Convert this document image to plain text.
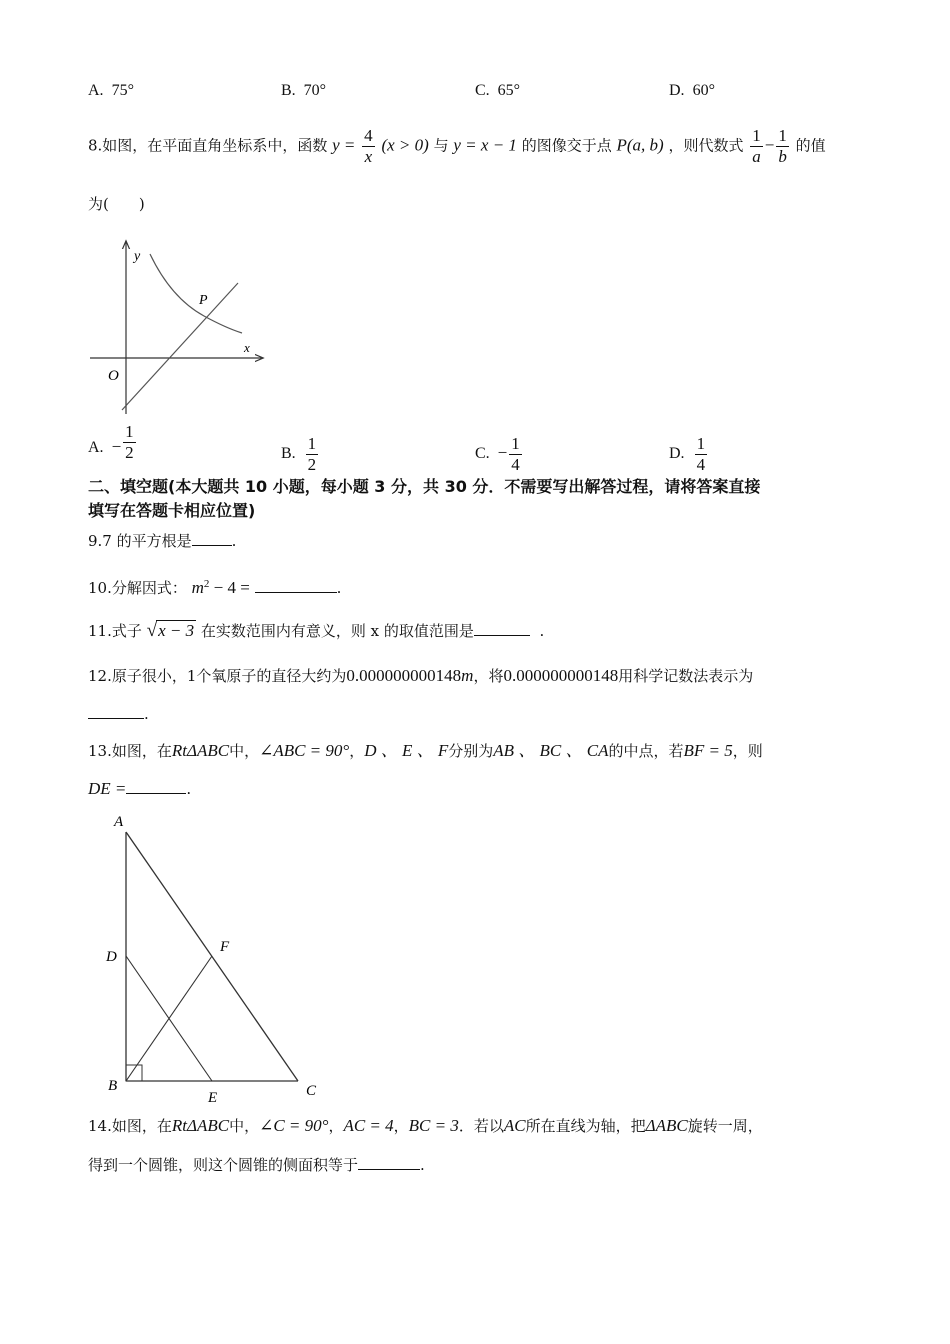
A. 75°	B. 70°	C. 65°	D. 60°
8.如图，在平面直角坐标系中，函数 $y = \frac{4}{x} (x > 0)$ 与 y = x − 1 的图像交于点 P(a, b) ，则代数式 $\frac{1}{a} - \frac{1}{b}$ 的值
为(　　)
y
x
O
P
A. − $\frac{1}{2}$	B. $\frac{1}{2}$	C. − $\frac{1}{4}$	D. $\frac{1}{4}$
二、填空题(本大题共 10 小题，每小题 3 分，共 30 分．不需要写出解答过程，请将答案直接
填写在答题卡相应位置)
9.7 的平方根是	.
10.分解因式： $m^2 - 4$ =	.
11.式子 √x − 3 在实数范围内有意义，则 x 的取值范围是	.
12.原子很小，1个氧原子的直径大约为0.000000000148m，将0.000000000148用科学记数法表示为
.
13.如图，在RtΔABC中，∠ABC = 90°，D 、 E 、 F分别为AB 、 BC 、 CA的中点，若BF = 5，则
DE =	.
A
D
F
B
E	C
14.如图，在RtΔABC中，∠C = 90°，AC = 4，BC = 3．若以AC所在直线为轴，把ΔABC旋转一周，
得到一个圆锥，则这个圆锥的侧面积等于	.
